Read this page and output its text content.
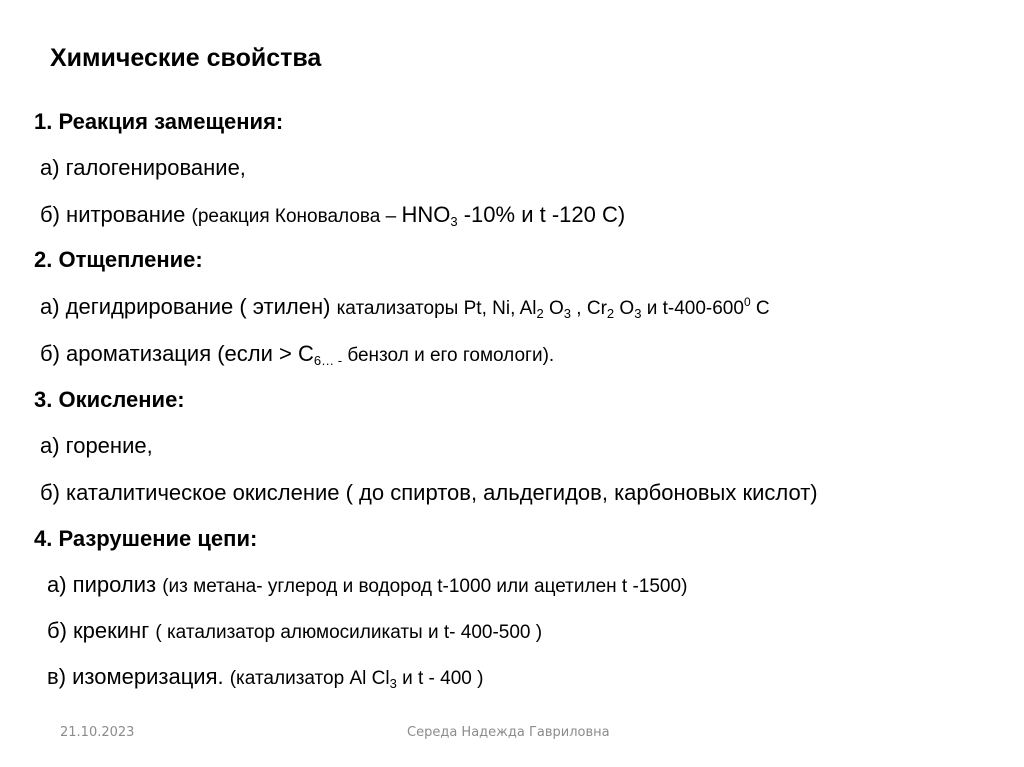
Химические свойства
1. Реакция замещения:
а) галогенирование,
б) нитрование (реакция Коновалова – HNO3 -10% и t -120 С)
2. Отщепление:
а) дегидрирование ( этилен) катализаторы Pt, Ni, $Al_2$ $O_3$ , $Cr_2$ $O_3$ и $t-400-600^0$ С
б) ароматизация (если > С6… - бензол и его гомологи).
3. Окисление:
а) горение,
б) каталитическое окисление ( до спиртов, альдегидов, карбоновых кислот)
4. Разрушение цепи:
а) пиролиз (из метана- углерод и водород t-1000 или ацетилен t -1500)
б) крекинг ( катализатор алюмосиликаты и t- 400-500 )
в) изомеризация. (катализатор Al $Cl_3$ и t - 400 )
21.10.2023	Середа Надежда Гавриловна
